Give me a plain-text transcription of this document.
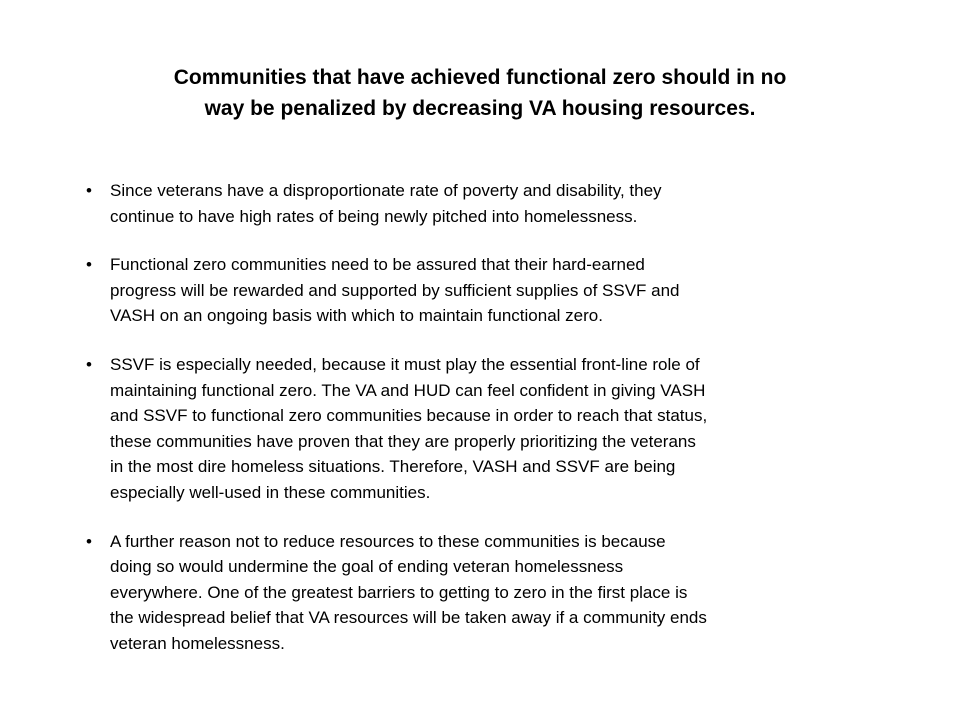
Communities that have achieved functional zero should in no
way be penalized by decreasing VA housing resources.
• Since veterans have a disproportionate rate of poverty and disability, they
continue to have high rates of being newly pitched into homelessness.
• Functional zero communities need to be assured that their hard-earned
progress will be rewarded and supported by sufficient supplies of SSVF and
VASH on an ongoing basis with which to maintain functional zero.
• SSVF is especially needed, because it must play the essential front-line role of
maintaining functional zero. The VA and HUD can feel confident in giving VASH
and SSVF to functional zero communities because in order to reach that status,
these communities have proven that they are properly prioritizing the veterans
in the most dire homeless situations. Therefore, VASH and SSVF are being
especially well-used in these communities.
• A further reason not to reduce resources to these communities is because
doing so would undermine the goal of ending veteran homelessness
everywhere. One of the greatest barriers to getting to zero in the first place is
the widespread belief that VA resources will be taken away if a community ends
veteran homelessness.
